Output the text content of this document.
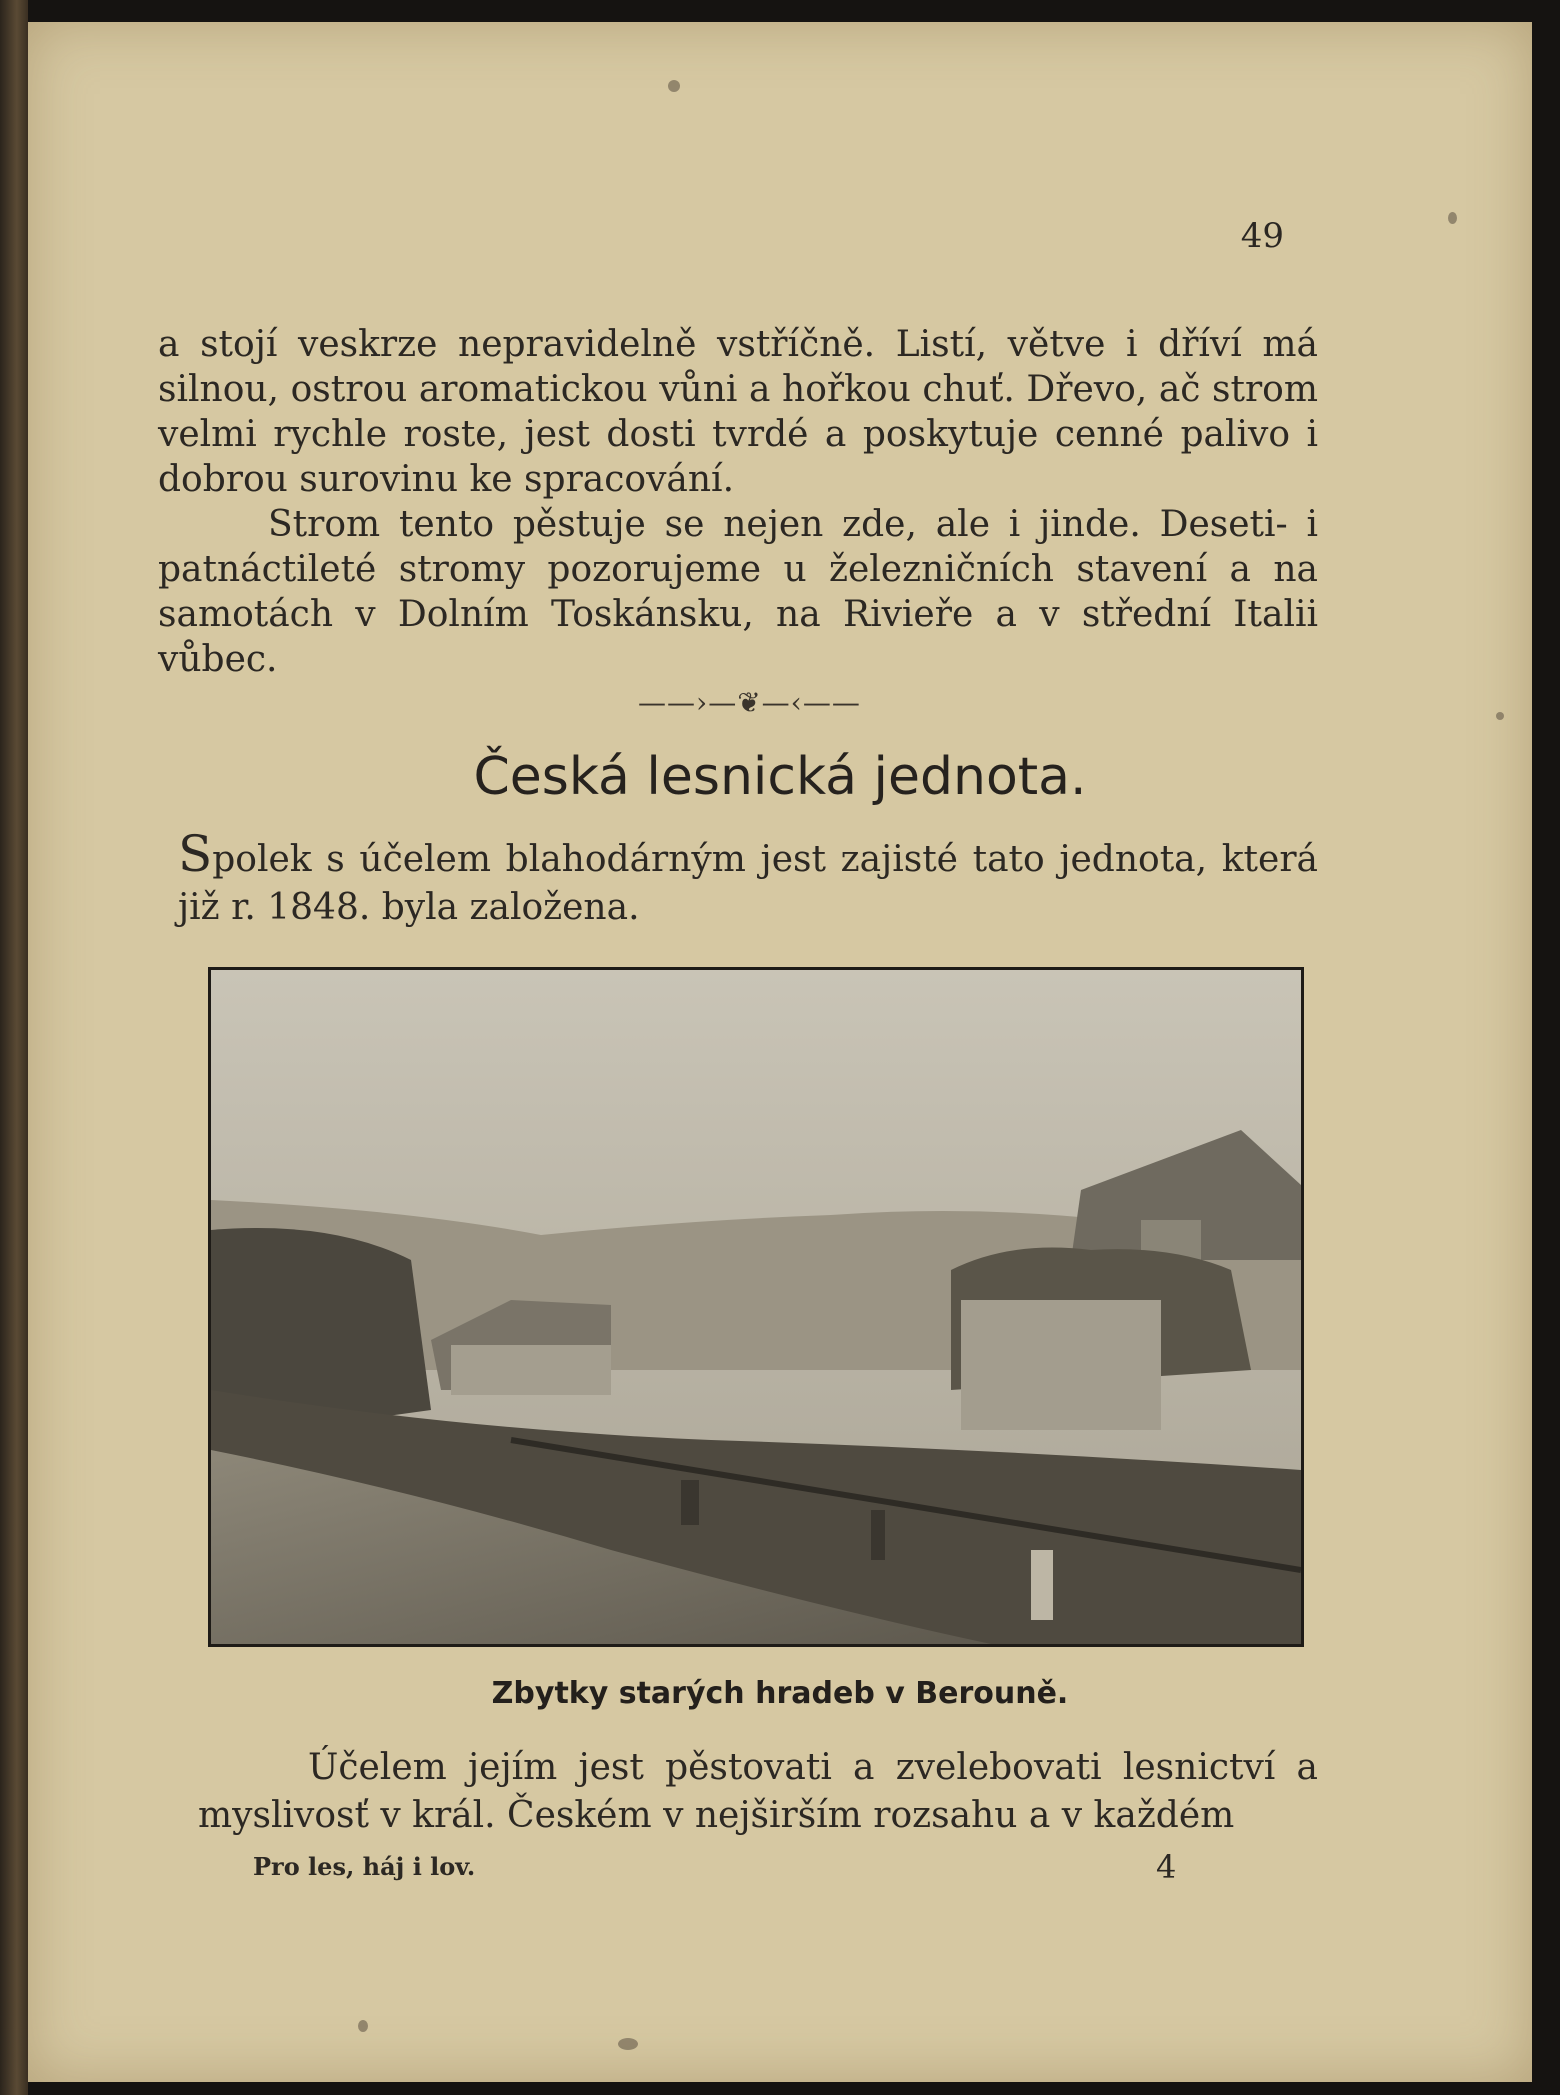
49

a stojí veskrze nepravidelně vstříčně. Listí, větve i dříví má silnou, ostrou aromatickou vůni a hořkou chuť. Dřevo, ač strom velmi rychle roste, jest dosti tvrdé a poskytuje cenné palivo i dobrou surovinu ke spracování.

Strom tento pěstuje se nejen zde, ale i jinde. Deseti- i patnáctileté stromy pozorujeme u železničních stavení a na samotách v Dolním Toskánsku, na Rivieře a v střední Italii vůbec.

——›—❦—‹——

Česká lesnická jednota.

Spolek s účelem blahodárným jest zajisté tato jednota, která již r. 1848. byla založena.

Zbytky starých hradeb v Berouně.

Účelem jejím jest pěstovati a zvelebovati lesnictví a myslivosť v král. Českém v nejširším rozsahu a v každém

Pro les, háj i lov.	4
